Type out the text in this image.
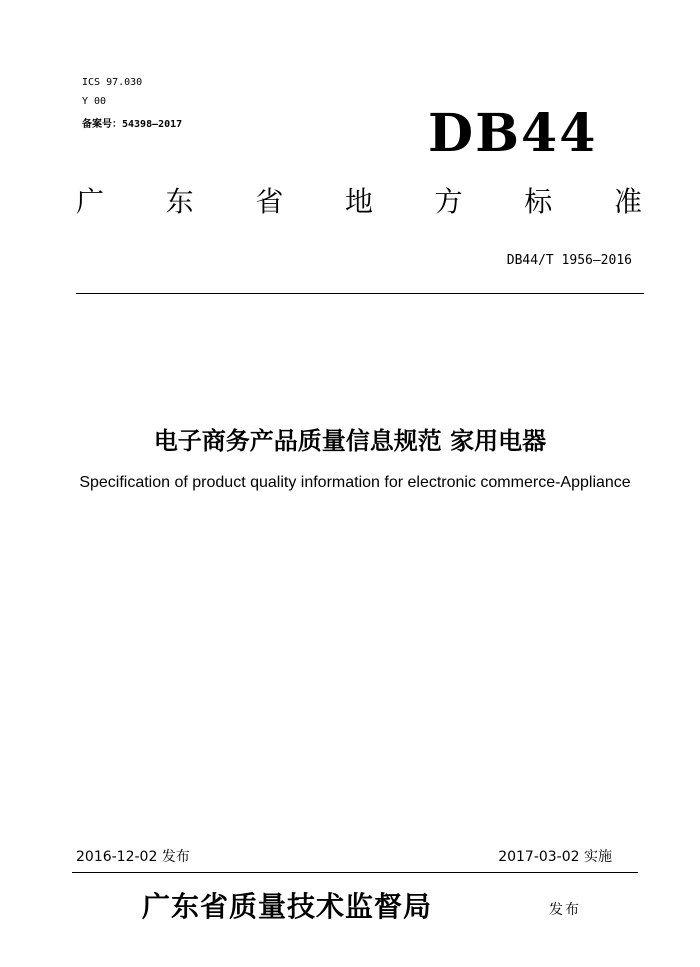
ICS 97.030
Y 00
备案号：54398—2017	DB44
广 东 省 地 方 标 准
DB44/T 1956—2016
电子商务产品质量信息规范 家用电器
Specification of product quality information for electronic commerce-Appliance
2016-12-02 发布	2017-03-02 实施
广东省质量技术监督局	发布
